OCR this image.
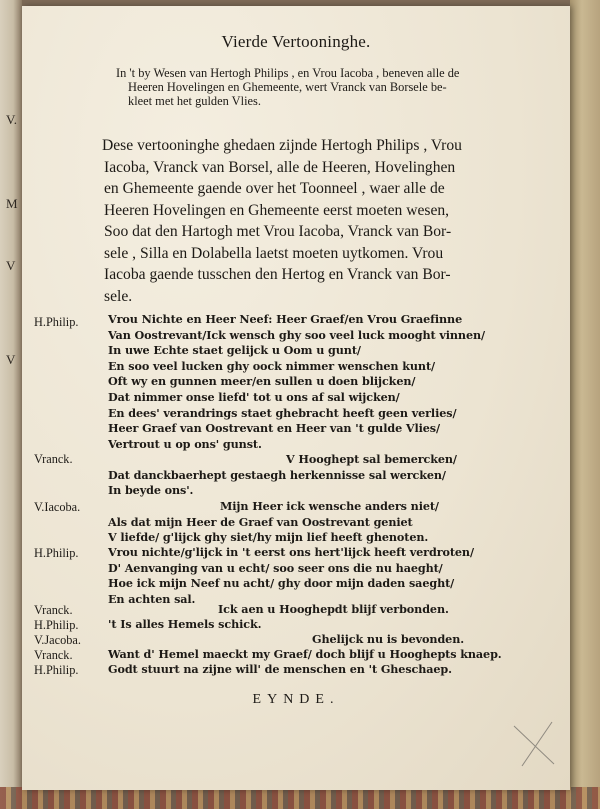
V.
M
V
V
Vierde Vertooninghe.
In 't by Wesen van Hertogh Philips , en Vrou Iacoba , beneven alle de
Heeren Hovelingen en Ghemeente, wert Vranck van Borsele be-
kleet met het gulden Vlies.
Dese vertooninghe ghedaen zijnde Hertogh Philips , Vrou
Iacoba, Vranck van Borsel, alle de Heeren, Hovelinghen
en Ghemeente gaende over het Toonneel , waer alle de
Heeren Hovelingen en Ghemeente eerst moeten wesen,
Soo dat den Hartogh met Vrou Iacoba, Vranck van Bor-
sele , Silla en Dolabella laetst moeten uytkomen. Vrou
Iacoba gaende tusschen den Hertog en Vranck van Bor-
sele.
H.Philip.	Vrou Nichte en Heer Neef: Heer Graef/en Vrou Graefinne
Van Oostrevant/Ick wensch ghy soo veel luck mooght vinnen/
In uwe Echte staet gelijck u Oom u gunt/
En soo veel lucken ghy oock nimmer wenschen kunt/
Oft wy en gunnen meer/en sullen u doen blijcken/
Dat nimmer onse liefd' tot u ons af sal wijcken/
En dees' verandrings staet ghebracht heeft geen verlies/
Heer Graef van Oostrevant en Heer van 't gulde Vlies/
Vertrout u op ons' gunst.
Vranck.	V Hooghept sal bemercken/
Dat danckbaerhept gestaegh herkennisse sal wercken/
In beyde ons'.
V.Iacoba.	Mijn Heer ick wensche anders niet/
Als dat mijn Heer de Graef van Oostrevant geniet
V liefde/ g'lijck ghy siet/hy mijn lief heeft ghenoten.
H.Philip.	Vrou nichte/g'lijck in 't eerst ons hert'lijck heeft verdroten/
D' Aenvanging van u echt/ soo seer ons die nu haeght/
Hoe ick mijn Neef nu acht/ ghy door mijn daden saeght/
En achten sal.
Vranck.	Ick aen u Hooghepdt blijf verbonden.
H.Philip.	't Is alles Hemels schick.
V.Jacoba.	Ghelijck nu is bevonden.
Vranck.	Want d' Hemel maeckt my Graef/ doch blijf u Hooghepts knaep.
H.Philip.	Godt stuurt na zijne will' de menschen en 't Gheschaep.
EYNDE.
